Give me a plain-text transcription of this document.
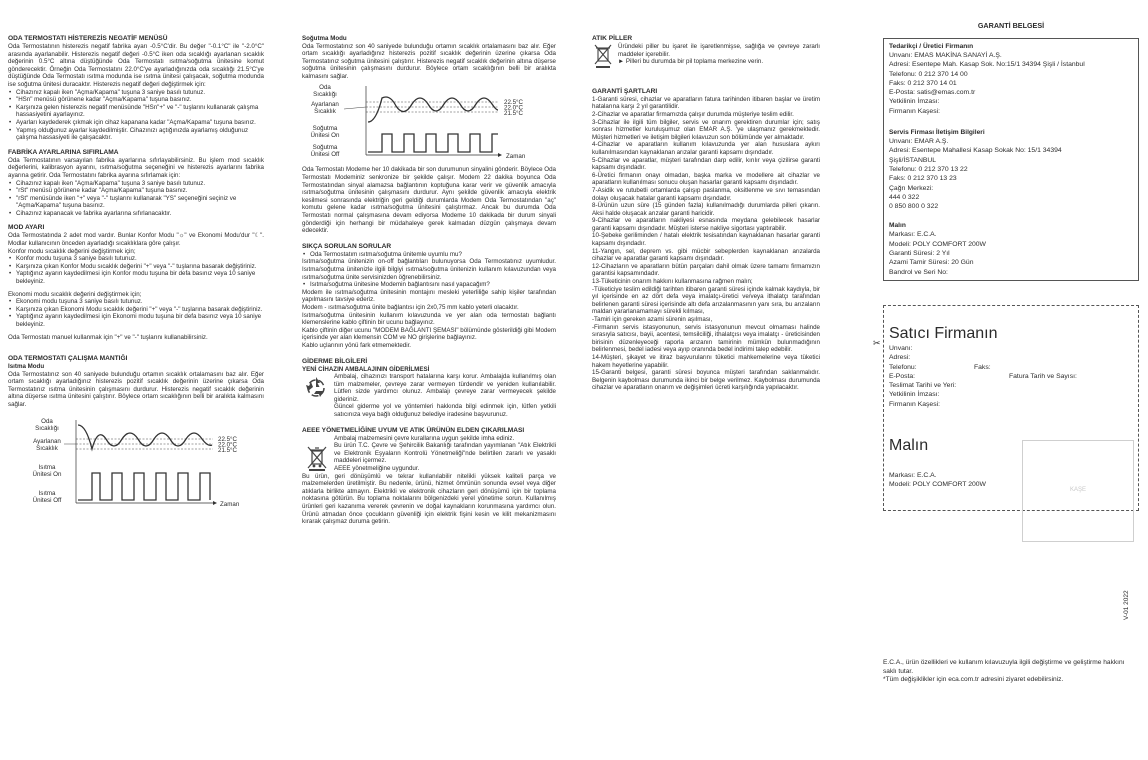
ODA TERMOSTATI HİSTEREZİS NEGATİF MENÜSÜ

Oda Termostatının histerezis negatif fabrika ayarı -0.5°C'dir. Bu değer "-0.1°C" ile "-2.0°C" arasında ayarlanabilir. Histerezis negatif değeri -0.5°C iken oda sıcaklığı ayarlanan sıcaklık değerinin 0.5°C altına düştüğünde Oda Termostatı ısıtma/soğutma ünitesine komut gönderecektir. Örneğin Oda Termostatını 22.0°C'ye ayarladığınızda oda sıcaklığı 21.5°C'ye düştüğünde Oda Termostatı ısıtma modunda ise ısıtma ünitesi çalışacak, soğutma modunda ise soğutma ünitesi duracaktır. Histerezis negatif değeri değiştirmek için:

• Cihazınız kapalı iken "Açma/Kapama" tuşuna 3 saniye basılı tutunuz.

• "HSn" menüsü görünene kadar "Açma/Kapama" tuşuna basınız.

• Karşınıza gelen histerezis negatif menüsünde "HSn"+" ve "-" tuşlarını kullanarak çalışma hassasiyetini ayarlayınız.

• Ayarları kaydederek çıkmak için cihaz kapanana kadar "Açma/Kapama" tuşuna basınız.

• Yapmış olduğunuz ayarlar kaydedilmiştir. Cihazınızı açtığınızda ayarlamış olduğunuz çalışma hassasiyeti ile çalışacaktır.

FABRİKA AYARLARINA SIFIRLAMA

Oda Termostatının varsayılan fabrika ayarlarına sıfırlayabilirsiniz. Bu işlem mod sıcaklık değerlerini, kalibrasyon ayarını, ısıtma/soğutma seçeneğini ve histerezis ayarlarını fabrika ayarına getirir. Oda Termostatını fabrika ayarına sıfırlamak için:

• Cihazınız kapalı iken "Açma/Kapama" tuşuna 3 saniye basılı tutunuz.

• "rSt" menüsü görünene kadar "Açma/Kapama" tuşuna basınız.

• "rSt" menüsünde iken "+" veya "-" tuşlarını kullanarak "YS" seçeneğini seçiniz ve "Açma/Kapama" tuşuna basınız.

• Cihazınız kapanacak ve fabrika ayarlarına sıfırlanacaktır.

MOD AYARI

Oda Termostatında 2 adet mod vardır. Bunlar Konfor Modu "☼" ve Ekonomi Modu'dur "☾". Modlar kullanıcının önceden ayarladığı sıcaklıklara göre çalışır.

Konfor modu sıcaklık değerini değiştirmek için;

• Konfor modu tuşuna 3 saniye basılı tutunuz.

• Karşınıza çıkan Konfor Modu sıcaklık değerini "+" veya "-" tuşlarına basarak değiştiriniz.

• Yaptığınız ayarın kaydedilmesi için Konfor modu tuşuna bir defa basınız veya 10 saniye bekleyiniz.

Ekonomi modu sıcaklık değerini değiştirmek için;

• Ekonomi modu tuşuna 3 saniye basılı tutunuz.

• Karşınıza çıkan Ekonomi Modu sıcaklık değerini "+" veya "-" tuşlarına basarak değiştiriniz.

• Yaptığınız ayarın kaydedilmesi için Ekonomi modu tuşuna bir defa basınız veya 10 saniye bekleyiniz.

Oda Termostatı manuel kullanmak için "+" ve "-" tuşlarını kullanabilirsiniz.

ODA TERMOSTATI ÇALIŞMA MANTIĞI

Isıtma Modu

Oda Termostatınız son 40 saniyede bulunduğu ortamın sıcaklık ortalamasını baz alır. Eğer ortam sıcaklığı ayarladığınız histerezis pozitif sıcaklık değerinin üzerine çıkarsa Oda Termostatınız ısıtma ünitesinin çalışmasını durdurur. Histerezis negatif sıcaklık değerinin altına düşerse ısıtma ünitesini çalıştırır. Böylece ortam sıcaklığının belli bir aralıkta kalmasını sağlar.

Oda
Sıcaklığı
Ayarlanan
Sıcaklık
Isıtma
Ünitesi On
Isıtma
Ünitesi Off
22.5°C
22.0°C
21.5°C
Zaman

Soğutma Modu

Oda Termostatınız son 40 saniyede bulunduğu ortamın sıcaklık ortalamasını baz alır. Eğer ortam sıcaklığı ayarladığınız histerezis pozitif sıcaklık değerinin üzerine çıkarsa Oda Termostatınız soğutma ünitesini çalıştırır. Histerezis negatif sıcaklık değerinin altına düşerse soğutma ünitesinin çalışmasını durdurur. Böylece ortam sıcaklığının belli bir aralıkta kalmasını sağlar.

Oda
Sıcaklığı
Ayarlanan
Sıcaklık
Soğutma
Ünitesi On
Soğutma
Ünitesi Off
22.5°C
22.0°C
21.5°C
Zaman

Oda Termostatı Modeme her 10 dakikada bir son durumunun sinyalini gönderir. Böylece Oda Termostatı Modeminiz senkronize bir şekilde çalışır. Modem 22 dakika boyunca Oda Termostatından sinyal alamazsa bağlantının koptuğuna karar verir ve güvenlik amacıyla ısıtma/soğutma ünitesinin çalışmasını durdurur. Aynı şekilde güvenlik amacıyla elektrik kesilmesi sonrasında elektriğin geri geldiği durumlarda Modem Oda Termostatından "aç" komutu gelene kadar ısıtma/soğutma ünitesini çalıştırmaz. Ancak bu durumda Oda Termostatı normal çalışmasına devam ediyorsa Modeme 10 dakikada bir durum sinyali gönderdiği için herhangi bir müdahaleye gerek kalmadan düzgün çalışmaya devam edecektir.

SIKÇA SORULAN SORULAR

• Oda Termostatım ısıtma/soğutma ünitemle uyumlu mu?

Isıtma/soğutma ünitenizin on-off bağlantıları bulunuyorsa Oda Termostatınız uyumludur. Isıtma/soğutma ünitenizle ilgili bilgiyi ısıtma/soğutma ünitenizin kullanım kılavuzundan veya ısıtma/soğutma ünite servisinizden öğrenebilirsiniz.

• Isıtma/soğutma ünitesine Modemin bağlantısını nasıl yapacağım?

Modem ile ısıtma/soğutma ünitesinin montajını mesleki yeterliliğe sahip kişiler tarafından yapılmasını tavsiye ederiz.

Modem - ısıtma/soğutma ünite bağlantısı için 2x0,75 mm kablo yeterli olacaktır.

Isıtma/soğutma ünitesinin kullanım kılavuzunda ve yer alan oda termostatı bağlantı klemenslerine kablo çiftinin bir ucunu bağlayınız.

Kablo çiftinin diğer ucunu "MODEM BAĞLANTI ŞEMASI" bölümünde gösterildiği gibi Modem içerisinde yer alan klemensin COM ve NO girişlerine bağlayınız.

Kablo uçlarının yönü fark etmemektedir.

GİDERME BİLGİLERİ

YENİ CİHAZIN AMBALAJININ GİDERİLMESİ

Ambalaj, cihazınızı transport hatalarına karşı korur. Ambalajda kullanılmış olan tüm malzemeler, çevreye zarar vermeyen türdendir ve yeniden kullanılabilir. Lütfen sizde yardımcı olunuz. Ambalajı çevreye zarar vermeyecek şekilde gideriniz.

Güncel giderme yol ve yöntemleri hakkında bilgi edinmek için, lütfen yetkili satıcınıza veya bağlı olduğunuz belediye iradesine başvurunuz.

AEEE YÖNETMELİĞİNE UYUM VE ATIK ÜRÜNÜN ELDEN ÇIKARILMASI

Ambalaj malzemesini çevre kurallarına uygun şekilde imha ediniz.

Bu ürün T.C. Çevre ve Şehircilik Bakanlığı tarafından yayımlanan "Atık Elektrikli ve Elektronik Eşyaların Kontrolü Yönetmeliği"nde belirtilen zararlı ve yasaklı maddeleri içermez.

AEEE yönetmeliğine uygundur.

Bu ürün, geri dönüşümlü ve tekrar kullanılabilir nitelikli yüksek kaliteli parça ve malzemelerden üretilmiştir. Bu nedenle, ürünü, hizmet ömrünün sonunda evsel veya diğer atıklarla birlikte atmayın. Elektrikli ve elektronik cihazların geri dönüşümü için bir toplama noktasına götürün. Bu toplama noktalarını bölgenizdeki yerel yönetime sorun. Kullanılmış ürünleri geri kazanıma vererek çevrenin ve doğal kaynakların korunmasına yardımcı olun. Ürünü atmadan önce çocukların güvenliği için elektrik fişini kesin ve kilit mekanizmasını kırarak çalışmaz duruma getirin.

ATIK PİLLER

Üründeki piller bu işaret ile işaretlenmişse, sağlığa ve çevreye zararlı maddeler içerebilir.

► Pilleri bu durumda bir pil toplama merkezine verin.

GARANTİ ŞARTLARI

1-Garanti süresi, cihazlar ve aparatların fatura tarihinden itibaren başlar ve üretim hatalarına karşı 2 yıl garantilidir.

2-Cihazlar ve aparatlar firmamızda çalışır durumda müşteriye teslim edilir.

3-Cihazlar ile ilgili tüm bilgiler, servis ve onarım gerektiren durumlar için; satış sonrası hizmetler kuruluşumuz olan EMAR A.Ş. 'ye ulaşmanız gerekmektedir. Müşteri hizmetleri ve iletişim bilgileri kılavuzun son bölümünde yer almaktadır.

4-Cihazlar ve aparatların kullanım kılavuzunda yer alan hususlara aykırı kullanılmasından kaynaklanan arızalar garanti kapsamı dışındadır.

5-Cihazlar ve aparatlar, müşteri tarafından darp edilir, kırılır veya çizilirse garanti kapsamı dışındadır.

6-Üretici firmanın onayı olmadan, başka marka ve modellere ait cihazlar ve aparatların kullanılması sonucu oluşan hasarlar garanti kapsamı dışındadır.

7-Asidik ve rutubetli ortamlarda çalışıp paslanma, oksitlenme ve sıvı temasından dolayı oluşacak hatalar garanti kapsamı dışındadır.

8-Ürünün uzun süre (15 günden fazla) kullanılmadığı durumlarda pilleri çıkarın. Aksi halde oluşacak arızalar garanti haricidir.

9-Cihazlar ve aparatların nakliyesi esnasında meydana gelebilecek hasarlar garanti kapsamı dışındadır. Müşteri isterse nakliye sigortası yaptırabilir.

10-Şebeke geriliminden / hatalı elektrik tesisatından kaynaklanan hasarlar garanti kapsamı dışındadır.

11-Yangın, sel, deprem vs. gibi mücbir sebeplerden kaynaklanan arızalarda cihazlar ve aparatlar garanti kapsamı dışındadır.

12-Cihazların ve aparatların bütün parçaları dahil olmak üzere tamamı firmamızın garantisi kapsamındadır.

13-Tüketicinin onarım hakkını kullanmasına rağmen malın;

-Tüketiciye teslim edildiği tarihten itibaren garanti süresi içinde kalmak kaydıyla, bir yıl içerisinde en az dört defa veya imalatçı-üretici ve/veya ithalatçı tarafından belirlenen garanti süresi içerisinde altı defa arızalanmasının yanı sıra, bu arızaların maldan yararlanamamayı sürekli kılması,

-Tamiri için gereken azami sürenin aşılması,

-Firmanın servis istasyonunun, servis istasyonunun mevcut olmaması halinde sırasıyla satıcısı, bayii, acentesi, temsilciliği, ithalatçısı veya imalatçı - üreticisinden birisinin düzenleyeceği raporla arızanın tamirinin mümkün bulunmadığının belirlenmesi, bedel iadesi veya ayıp oranında bedel indirimi talep edebilir.

14-Müşteri, şikayet ve itiraz başvurularını tüketici mahkemelerine veya tüketici hakem heyetlerine yapabilir.

15-Garanti belgesi, garanti süresi boyunca müşteri tarafından saklanmalıdır. Belgenin kaybolması durumunda ikinci bir belge verilmez. Kaybolması durumunda cihazlar ve aparatların onarım ve değişimleri ücreti karşılığında yapılacaktır.

GARANTİ BELGESİ

Tedarikçi / Üretici Firmanın

Unvanı: EMAS MAKİNA SANAYİ A.Ş.

Adresi: Esentepe Mah. Kasap Sok. No:15/1 34394 Şişli / İstanbul

Telefonu: 0 212 370 14 00

Faks: 0 212 370 14 01

E-Posta: satis@emas.com.tr

Yetkilinin İmzası:

Firmanın Kaşesi:

Servis Firması İletişim Bilgileri

Unvanı: EMAR A.Ş.

Adresi: Esentepe Mahallesi Kasap Sokak No: 15/1 34394

Şişli/İSTANBUL

Telefonu: 0 212 370 13 22

Faks: 0 212 370 13 23

Çağrı Merkezi:

444 0 322

0 850 800 0 322

Malın

Markası: E.C.A.

Modeli: POLY COMFORT 200W

Garanti Süresi: 2 Yıl

Azami Tamir Süresi: 20 Gün

Bandrol ve Seri No:

Satıcı Firmanın

Unvanı:

Adresi:

Telefonu:	Faks:

E-Posta:	Fatura Tarih ve Sayısı:

Teslimat Tarihi ve Yeri:

Yetkilinin İmzası:

Firmanın Kaşesi:

Malın

Markası: E.C.A.

Modeli: POLY COMFORT 200W

E.C.A., ürün özellikleri ve kullanım kılavuzuyla ilgili değiştirme ve geliştirme hakkını saklı tutar.

*Tüm değişiklikler için eca.com.tr adresini ziyaret edebilirsiniz.

KAŞE
✂
V-01 2022
